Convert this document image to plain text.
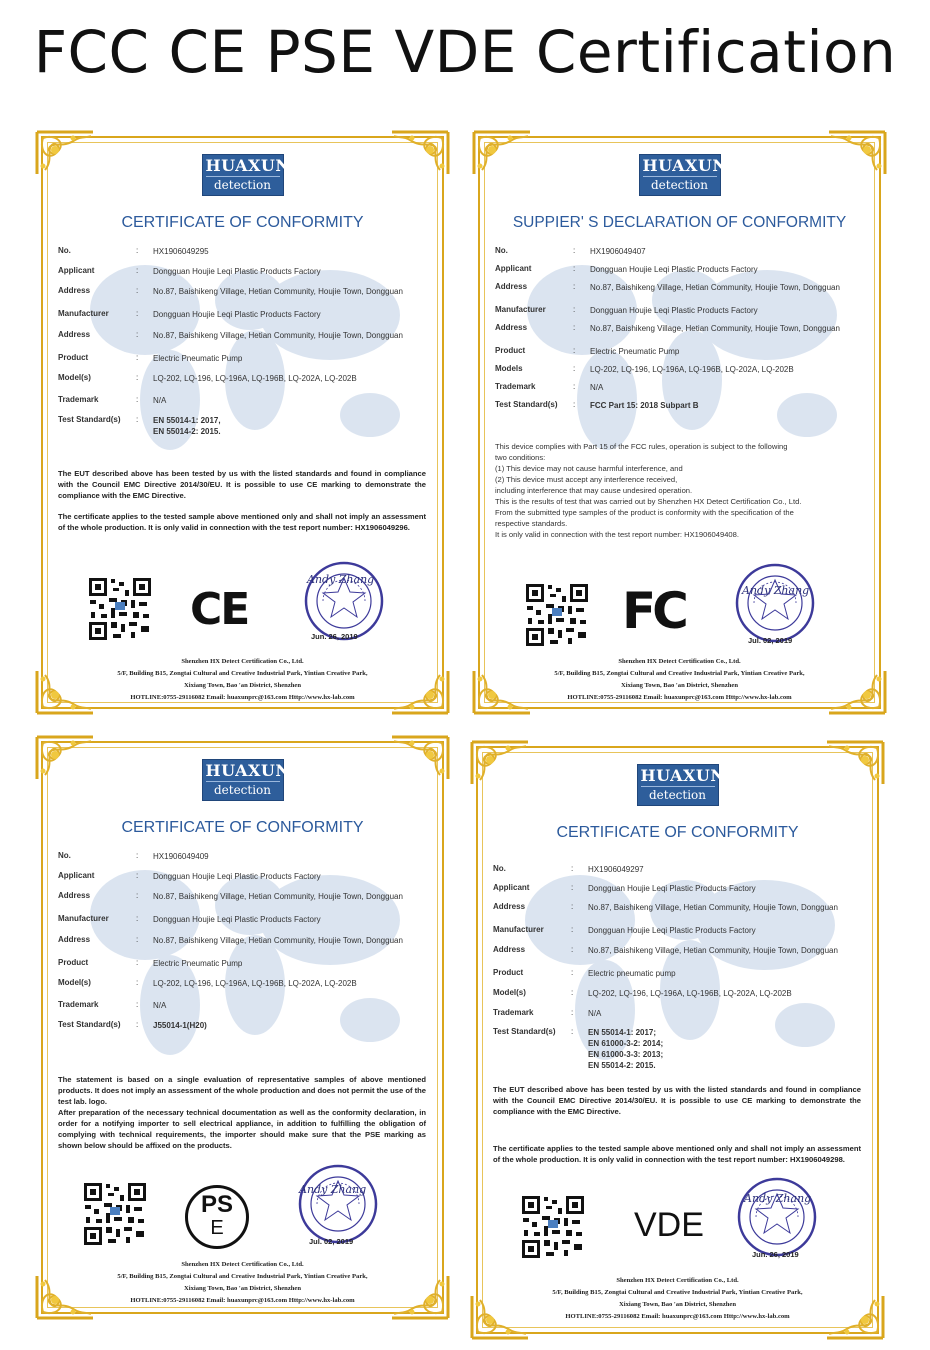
FCC CE PSE VDE Certification
HUAXUN
detection
CERTIFICATE OF CONFORMITY
No.	:	HX1906049295
Applicant	:	Dongguan Houjie Leqi Plastic Products Factory
Address	:	No.87, Baishikeng Village, Hetian Community, Houjie Town, Dongguan
Manufacturer	:	Dongguan Houjie Leqi Plastic Products Factory
Address	:	No.87, Baishikeng Village, Hetian Community, Houjie Town, Dongguan
Product	:	Electric Pneumatic Pump
Model(s)	:	LQ-202, LQ-196, LQ-196A, LQ-196B, LQ-202A, LQ-202B
Trademark	:	N/A
Test Standard(s)	:	EN 55014-1: 2017,
EN 55014-2: 2015.

The EUT described above has been tested by us with the listed standards and found in compliance with the Council EMC Directive 2014/30/EU. It is possible to use CE marking to demonstrate the compliance with the EMC Directive.

The certificate applies to the tested sample above mentioned only and shall not imply an assessment of the whole production. It is only valid in connection with the test report number: HX1906049296.

CE
Andy Zhang
Jun. 26, 2019
Shenzhen HX Detect Certification Co., Ltd.
5/F, Building B15, Zongtai Cultural and Creative Industrial Park, Yintian Creative Park,
Xixiang Town, Bao 'an District, Shenzhen
HOTLINE:0755-29116082 Email: huaxunprc@163.com Http://www.hx-lab.com
HUAXUN
detection
SUPPIER' S DECLARATION OF CONFORMITY
No.	:	HX1906049407
Applicant	:	Dongguan Houjie Leqi Plastic Products Factory
Address	:	No.87, Baishikeng Village, Hetian Community, Houjie Town, Dongguan
Manufacturer	:	Dongguan Houjie Leqi Plastic Products Factory
Address	:	No.87, Baishikeng Village, Hetian Community, Houjie Town, Dongguan
Product	:	Electric Pneumatic Pump
Models	:	LQ-202, LQ-196, LQ-196A, LQ-196B, LQ-202A, LQ-202B
Trademark	:	N/A
Test Standard(s)	:	FCC Part 15: 2018 Subpart B

This device complies with Part 15 of the FCC rules, operation is subject to the following

two conditions:

(1) This device may not cause harmful interference, and

(2) This device must accept any interference received,

including interference that may cause undesired operation.

This is the results of test that was carried out by Shenzhen HX Detect Certification Co., Ltd.

From the submitted type samples of the product is conformity with the specification of the

respective standards.

It is only valid in connection with the test report number: HX1906049408.

FC	Andy Zhang
Jul. 02, 2019
Shenzhen HX Detect Certification Co., Ltd.
5/F, Building B15, Zongtai Cultural and Creative Industrial Park, Yintian Creative Park,
Xixiang Town, Bao 'an District, Shenzhen
HOTLINE:0755-29116082 Email: huaxunprc@163.com Http://www.hx-lab.com
HUAXUN
detection
CERTIFICATE OF CONFORMITY
No.	:	HX1906049409
Applicant	:	Dongguan Houjie Leqi Plastic Products Factory
Address	:	No.87, Baishikeng Village, Hetian Community, Houjie Town, Dongguan
Manufacturer	:	Dongguan Houjie Leqi Plastic Products Factory
Address	:	No.87, Baishikeng Village, Hetian Community, Houjie Town, Dongguan
Product	:	Electric Pneumatic Pump
Model(s)	:	LQ-202, LQ-196, LQ-196A, LQ-196B, LQ-202A, LQ-202B
Trademark	:	N/A
Test Standard(s)	:	J55014-1(H20)

The statement is based on a single evaluation of representative samples of above mentioned products. It does not imply an assessment of the whole production and does not permit the use of the test lab. logo.

After preparation of the necessary technical documentation as well as the conformity declaration, in order for a notifying importer to sell electrical appliance, in addition to fulfilling the obligation of complying with technical requirements, the importer should make sure that the PSE marking as shown below should be affixed on the products.

PS
E
Andy Zhang
Jul. 02, 2019
Shenzhen HX Detect Certification Co., Ltd.
5/F, Building B15, Zongtai Cultural and Creative Industrial Park, Yintian Creative Park,
Xixiang Town, Bao 'an District, Shenzhen
HOTLINE:0755-29116082 Email: huaxunprc@163.com Http://www.hx-lab.com
HUAXUN
detection
CERTIFICATE OF CONFORMITY
No.	:	HX1906049297
Applicant	:	Dongguan Houjie Leqi Plastic Products Factory
Address	:	No.87, Baishikeng Village, Hetian Community, Houjie Town, Dongguan
Manufacturer	:	Dongguan Houjie Leqi Plastic Products Factory
Address	:	No.87, Baishikeng Village, Hetian Community, Houjie Town, Dongguan
Product	:	Electric pneumatic pump
Model(s)	:	LQ-202, LQ-196, LQ-196A, LQ-196B, LQ-202A, LQ-202B
Trademark	:	N/A
Test Standard(s)	:	EN 55014-1: 2017;
EN 61000-3-2: 2014;
EN 61000-3-3: 2013;
EN 55014-2: 2015.

The EUT described above has been tested by us with the listed standards and found in compliance with the Council EMC Directive 2014/30/EU. It is possible to use CE marking to demonstrate the compliance with the EMC Directive.

The certificate applies to the tested sample above mentioned only and shall not imply an assessment of the whole production. It is only valid in connection with the test report number: HX1906049298.

VDE
Andy Zhang
Jun. 26, 2019
Shenzhen HX Detect Certification Co., Ltd.
5/F, Building B15, Zongtai Cultural and Creative Industrial Park, Yintian Creative Park,
Xixiang Town, Bao 'an District, Shenzhen
HOTLINE:0755-29116082 Email: huaxunprc@163.com Http://www.hx-lab.com
